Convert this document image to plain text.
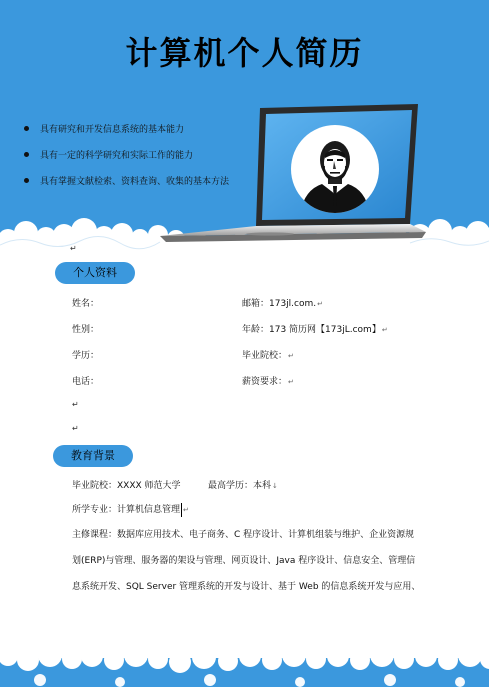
计算机个人简历
具有研究和开发信息系统的基本能力
具有一定的科学研究和实际工作的能力
具有掌握文献检索、资料查询、收集的基本方法
↵
个人资料
姓名：	邮箱：173jl.com.↵
性别：	年龄：173 简历网【173jL.com】↵
学历：	毕业院校：↵
电话：	薪资要求：↵
↵
↵
教育背景
毕业院校：XXXX 师范大学	最高学历：本科↓
所学专业：计算机信息管理 ↵
主修课程：数据库应用技术、电子商务、C 程序设计、计算机组装与维护、企业资源规
划(ERP)与管理、服务器的架设与管理、网页设计、Java 程序设计、信息安全、管理信
息系统开发、SQL Server 管理系统的开发与设计、基于 Web 的信息系统开发与应用、
